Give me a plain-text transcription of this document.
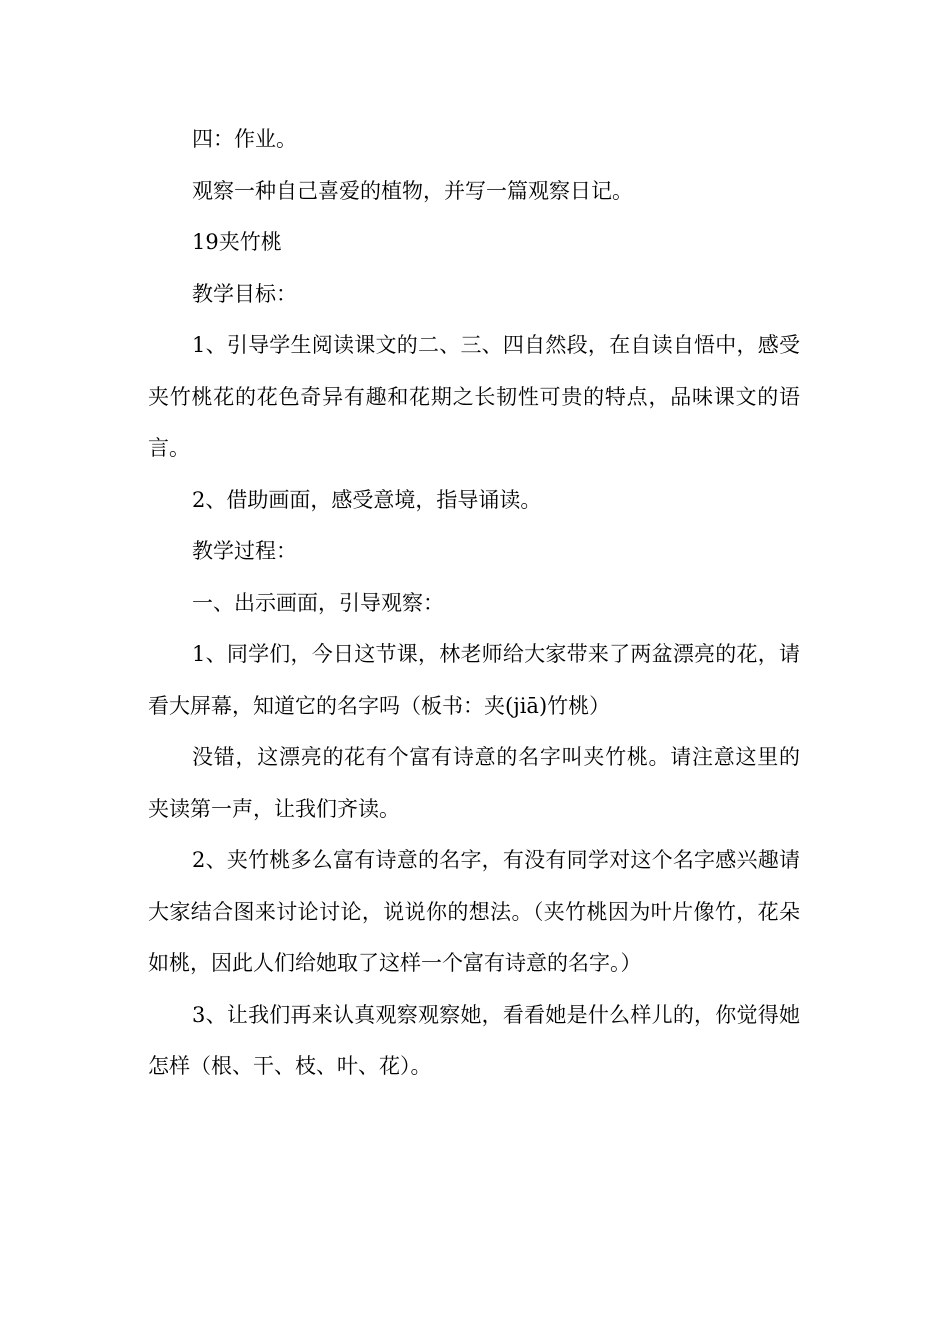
四：作业。

观察一种自己喜爱的植物，并写一篇观察日记。

19夹竹桃

教学目标：

1、引导学生阅读课文的二、三、四自然段，在自读自悟中，感受夹竹桃花的花色奇异有趣和花期之长韧性可贵的特点，品味课文的语言。

2、借助画面，感受意境，指导诵读。

教学过程：

一、出示画面，引导观察：

1、同学们，今日这节课，林老师给大家带来了两盆漂亮的花，请看大屏幕，知道它的名字吗（板书：夹(jiā)竹桃）

没错，这漂亮的花有个富有诗意的名字叫夹竹桃。请注意这里的夹读第一声，让我们齐读。

2、夹竹桃多么富有诗意的名字，有没有同学对这个名字感兴趣请大家结合图来讨论讨论，说说你的想法。（夹竹桃因为叶片像竹，花朵如桃，因此人们给她取了这样一个富有诗意的名字。）

3、让我们再来认真观察观察她，看看她是什么样儿的，你觉得她怎样（根、干、枝、叶、花）。
